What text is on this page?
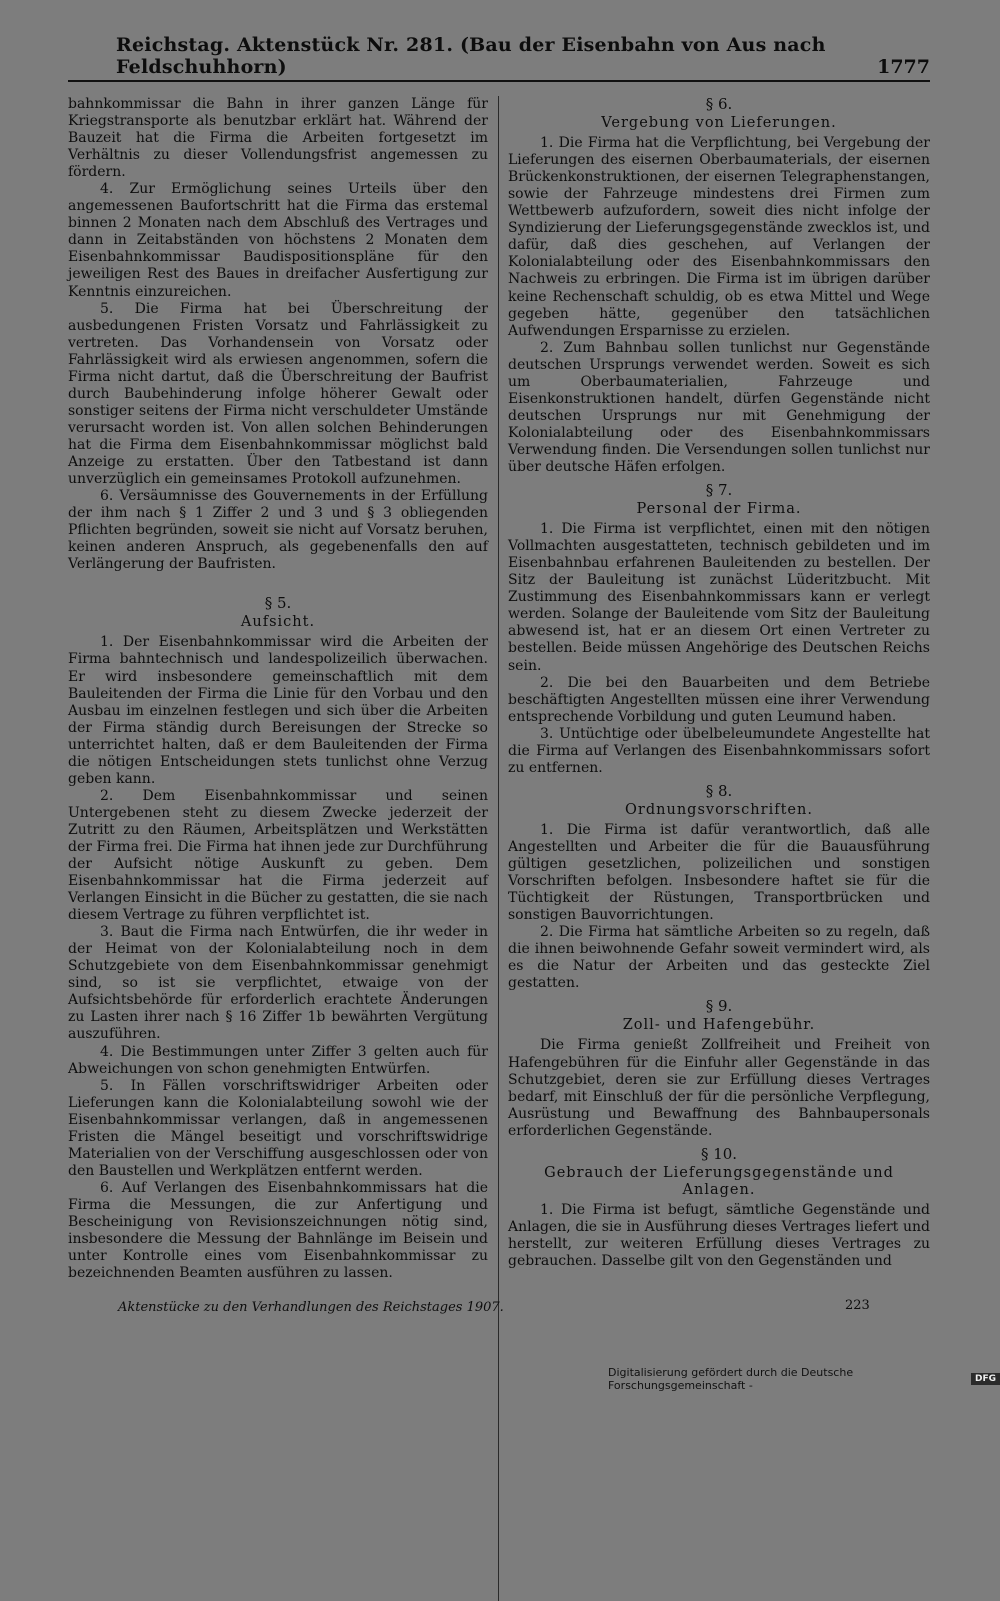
Reichstag. Aktenstück Nr. 281. (Bau der Eisenbahn von Aus nach Feldschuhhorn)	1777

bahnkommissar die Bahn in ihrer ganzen Länge für Kriegstransporte als benutzbar erklärt hat. Während der Bauzeit hat die Firma die Arbeiten fortgesetzt im Verhältnis zu dieser Vollendungsfrist angemessen zu fördern.

4. Zur Ermöglichung seines Urteils über den angemessenen Baufortschritt hat die Firma das erstemal binnen 2 Monaten nach dem Abschluß des Vertrages und dann in Zeitabständen von höchstens 2 Monaten dem Eisenbahnkommissar Baudispositionspläne für den jeweiligen Rest des Baues in dreifacher Ausfertigung zur Kenntnis einzureichen.

5. Die Firma hat bei Überschreitung der ausbedungenen Fristen Vorsatz und Fahrlässigkeit zu vertreten. Das Vorhandensein von Vorsatz oder Fahrlässigkeit wird als erwiesen angenommen, sofern die Firma nicht dartut, daß die Überschreitung der Baufrist durch Baubehinderung infolge höherer Gewalt oder sonstiger seitens der Firma nicht verschuldeter Umstände verursacht worden ist. Von allen solchen Behinderungen hat die Firma dem Eisenbahnkommissar möglichst bald Anzeige zu erstatten. Über den Tatbestand ist dann unverzüglich ein gemeinsames Protokoll aufzunehmen.

6. Versäumnisse des Gouvernements in der Erfüllung der ihm nach § 1 Ziffer 2 und 3 und § 3 obliegenden Pflichten begründen, soweit sie nicht auf Vorsatz beruhen, keinen anderen Anspruch, als gegebenenfalls den auf Verlängerung der Baufristen.

§ 5.
Aufsicht.

1. Der Eisenbahnkommissar wird die Arbeiten der Firma bahntechnisch und landespolizeilich überwachen. Er wird insbesondere gemeinschaftlich mit dem Bauleitenden der Firma die Linie für den Vorbau und den Ausbau im einzelnen festlegen und sich über die Arbeiten der Firma ständig durch Bereisungen der Strecke so unterrichtet halten, daß er dem Bauleitenden der Firma die nötigen Entscheidungen stets tunlichst ohne Verzug geben kann.

2. Dem Eisenbahnkommissar und seinen Untergebenen steht zu diesem Zwecke jederzeit der Zutritt zu den Räumen, Arbeitsplätzen und Werkstätten der Firma frei. Die Firma hat ihnen jede zur Durchführung der Aufsicht nötige Auskunft zu geben. Dem Eisenbahnkommissar hat die Firma jederzeit auf Verlangen Einsicht in die Bücher zu gestatten, die sie nach diesem Vertrage zu führen verpflichtet ist.

3. Baut die Firma nach Entwürfen, die ihr weder in der Heimat von der Kolonialabteilung noch in dem Schutzgebiete von dem Eisenbahnkommissar genehmigt sind, so ist sie verpflichtet, etwaige von der Aufsichtsbehörde für erforderlich erachtete Änderungen zu Lasten ihrer nach § 16 Ziffer 1b bewährten Vergütung auszuführen.

4. Die Bestimmungen unter Ziffer 3 gelten auch für Abweichungen von schon genehmigten Entwürfen.

5. In Fällen vorschriftswidriger Arbeiten oder Lieferungen kann die Kolonialabteilung sowohl wie der Eisenbahnkommissar verlangen, daß in angemessenen Fristen die Mängel beseitigt und vorschriftswidrige Materialien von der Verschiffung ausgeschlossen oder von den Baustellen und Werkplätzen entfernt werden.

6. Auf Verlangen des Eisenbahnkommissars hat die Firma die Messungen, die zur Anfertigung und Bescheinigung von Revisionszeichnungen nötig sind, insbesondere die Messung der Bahnlänge im Beisein und unter Kontrolle eines vom Eisenbahnkommissar zu bezeichnenden Beamten ausführen zu lassen.

§ 6.
Vergebung von Lieferungen.

1. Die Firma hat die Verpflichtung, bei Vergebung der Lieferungen des eisernen Oberbaumaterials, der eisernen Brückenkonstruktionen, der eisernen Telegraphenstangen, sowie der Fahrzeuge mindestens drei Firmen zum Wettbewerb aufzufordern, soweit dies nicht infolge der Syndizierung der Lieferungsgegenstände zwecklos ist, und dafür, daß dies geschehen, auf Verlangen der Kolonialabteilung oder des Eisenbahnkommissars den Nachweis zu erbringen. Die Firma ist im übrigen darüber keine Rechenschaft schuldig, ob es etwa Mittel und Wege gegeben hätte, gegenüber den tatsächlichen Aufwendungen Ersparnisse zu erzielen.

2. Zum Bahnbau sollen tunlichst nur Gegenstände deutschen Ursprungs verwendet werden. Soweit es sich um Oberbaumaterialien, Fahrzeuge und Eisenkonstruktionen handelt, dürfen Gegenstände nicht deutschen Ursprungs nur mit Genehmigung der Kolonialabteilung oder des Eisenbahnkommissars Verwendung finden. Die Versendungen sollen tunlichst nur über deutsche Häfen erfolgen.

§ 7.
Personal der Firma.

1. Die Firma ist verpflichtet, einen mit den nötigen Vollmachten ausgestatteten, technisch gebildeten und im Eisenbahnbau erfahrenen Bauleitenden zu bestellen. Der Sitz der Bauleitung ist zunächst Lüderitzbucht. Mit Zustimmung des Eisenbahnkommissars kann er verlegt werden. Solange der Bauleitende vom Sitz der Bauleitung abwesend ist, hat er an diesem Ort einen Vertreter zu bestellen. Beide müssen Angehörige des Deutschen Reichs sein.

2. Die bei den Bauarbeiten und dem Betriebe beschäftigten Angestellten müssen eine ihrer Verwendung entsprechende Vorbildung und guten Leumund haben.

3. Untüchtige oder übelbeleumundete Angestellte hat die Firma auf Verlangen des Eisenbahnkommissars sofort zu entfernen.

§ 8.
Ordnungsvorschriften.

1. Die Firma ist dafür verantwortlich, daß alle Angestellten und Arbeiter die für die Bauausführung gültigen gesetzlichen, polizeilichen und sonstigen Vorschriften befolgen. Insbesondere haftet sie für die Tüchtigkeit der Rüstungen, Transportbrücken und sonstigen Bauvorrichtungen.

2. Die Firma hat sämtliche Arbeiten so zu regeln, daß die ihnen beiwohnende Gefahr soweit vermindert wird, als es die Natur der Arbeiten und das gesteckte Ziel gestatten.

§ 9.
Zoll- und Hafengebühr.

Die Firma genießt Zollfreiheit und Freiheit von Hafengebühren für die Einfuhr aller Gegenstände in das Schutzgebiet, deren sie zur Erfüllung dieses Vertrages bedarf, mit Einschluß der für die persönliche Verpflegung, Ausrüstung und Bewaffnung des Bahnbaupersonals erforderlichen Gegenstände.

§ 10.
Gebrauch der Lieferungsgegenstände und Anlagen.

1. Die Firma ist befugt, sämtliche Gegenstände und Anlagen, die sie in Ausführung dieses Vertrages liefert und herstellt, zur weiteren Erfüllung dieses Vertrages zu gebrauchen. Dasselbe gilt von den Gegenständen und

Aktenstücke zu den Verhandlungen des Reichstages 1907.	223
Digitalisierung gefördert durch die Deutsche Forschungsgemeinschaft -	DFG
